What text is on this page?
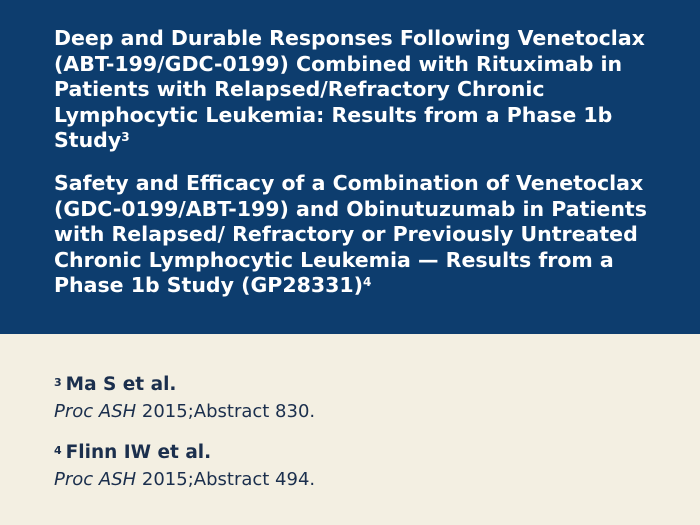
Deep and Durable Responses Following Venetoclax (ABT-199/GDC-0199) Combined with Rituximab in Patients with Relapsed/Refractory Chronic Lymphocytic Leukemia: Results from a Phase 1b Study$^3$

Safety and Efficacy of a Combination of Venetoclax (GDC-0199/ABT-199) and Obinutuzumab in Patients with Relapsed/ Refractory or Previously Untreated Chronic Lymphocytic Leukemia — Results from a Phase 1b Study $(GP28331)^4$

$^3$ Ma S et al.
Proc ASH 2015;Abstract 830.
$^4$ Flinn IW et al.
Proc ASH 2015;Abstract 494.
